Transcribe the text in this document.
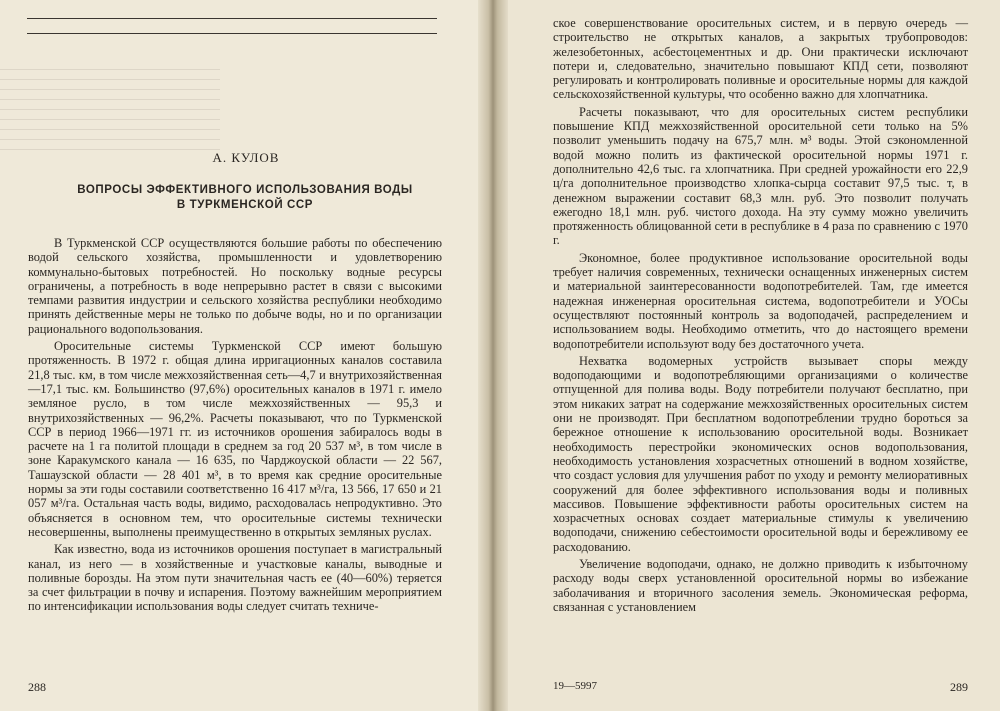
А. КУЛОВ
ВОПРОСЫ ЭФФЕКТИВНОГО ИСПОЛЬЗОВАНИЯ ВОДЫ
В ТУРКМЕНСКОЙ ССР

В Туркменской ССР осуществляются большие работы по обеспечению водой сельского хозяйства, промышленности и удовлетворению коммунально-бытовых потребностей. Но поскольку водные ресурсы ограничены, а потребность в воде непрерывно растет в связи с высокими темпами развития индустрии и сельского хозяйства республики необходимо принять действенные меры не только по добыче воды, но и по организации рационального водопользования.

Оросительные системы Туркменской ССР имеют большую протяженность. В 1972 г. общая длина ирригационных каналов составила 21,8 тыс. км, в том числе межхозяйственная сеть—4,7 и внутрихозяйственная —17,1 тыс. км. Большинство (97,6%) оросительных каналов в 1971 г. имело земляное русло, в том числе межхозяйственных — 95,3 и внутрихозяйственных — 96,2%. Расчеты показывают, что по Туркменской ССР в период 1966—1971 гг. из источников орошения забиралось воды в расчете на 1 га политой площади в среднем за год 20 537 м³, в том числе в зоне Каракумского канала — 16 635, по Чарджоуской области — 22 567, Ташаузской области — 28 401 м³, в то время как средние оросительные нормы за эти годы составили соответственно 16 417 м³/га, 13 566, 17 650 и 21 057 м³/га. Остальная часть воды, видимо, расходовалась непродуктивно. Это объясняется в основном тем, что оросительные системы технически несовершенны, выполнены преимущественно в открытых земляных руслах.

Как известно, вода из источников орошения поступает в магистральный канал, из него — в хозяйственные и участковые каналы, выводные и поливные борозды. На этом пути значительная часть ее (40—60%) теряется за счет фильтрации в почву и испарения. Поэтому важнейшим мероприятием по интенсификации использования воды следует считать техниче-

288

ское совершенствование оросительных систем, и в первую очередь — строительство не открытых каналов, а закрытых трубопроводов: железобетонных, асбестоцементных и др. Они практически исключают потери и, следовательно, значительно повышают КПД сети, позволяют регулировать и контролировать поливные и оросительные нормы для каждой сельскохозяйственной культуры, что особенно важно для хлопчатника.

Расчеты показывают, что для оросительных систем республики повышение КПД межхозяйственной оросительной сети только на 5% позволит уменьшить подачу на 675,7 млн. м³ воды. Этой сэкономленной водой можно полить из фактической оросительной нормы 1971 г. дополнительно 42,6 тыс. га хлопчатника. При средней урожайности его 22,9 ц/га дополнительное производство хлопка-сырца составит 97,5 тыс. т, в денежном выражении составит 68,3 млн. руб. Это позволит получать ежегодно 18,1 млн. руб. чистого дохода. На эту сумму можно увеличить протяженность облицованной сети в республике в 4 раза по сравнению с 1970 г.

Экономное, более продуктивное использование оросительной воды требует наличия современных, технически оснащенных инженерных систем и материальной заинтересованности водопотребителей. Там, где имеется надежная инженерная оросительная система, водопотребители и УОСы осуществляют постоянный контроль за водоподачей, распределением и использованием воды. Необходимо отметить, что до настоящего времени водопотребители используют воду без достаточного учета.

Нехватка водомерных устройств вызывает споры между водоподающими и водопотребляющими организациями о количестве отпущенной для полива воды. Воду потребители получают бесплатно, при этом никаких затрат на содержание межхозяйственных оросительных систем они не производят. При бесплатном водопотреблении трудно бороться за бережное отношение к использованию оросительной воды. Возникает необходимость перестройки экономических основ водопользования, необходимость установления хозрасчетных отношений в водном хозяйстве, что создаст условия для улучшения работ по уходу и ремонту мелиоративных сооружений для более эффективного использования воды и поливных массивов. Повышение эффективности работы оросительных систем на хозрасчетных основах создает материальные стимулы к увеличению водоподачи, снижению себестоимости оросительной воды и бережливому ее расходованию.

Увеличение водоподачи, однако, не должно приводить к избыточному расходу воды сверх установленной оросительной нормы во избежание заболачивания и вторичного засоления земель. Экономическая реформа, связанная с установлением

19—5997	289
